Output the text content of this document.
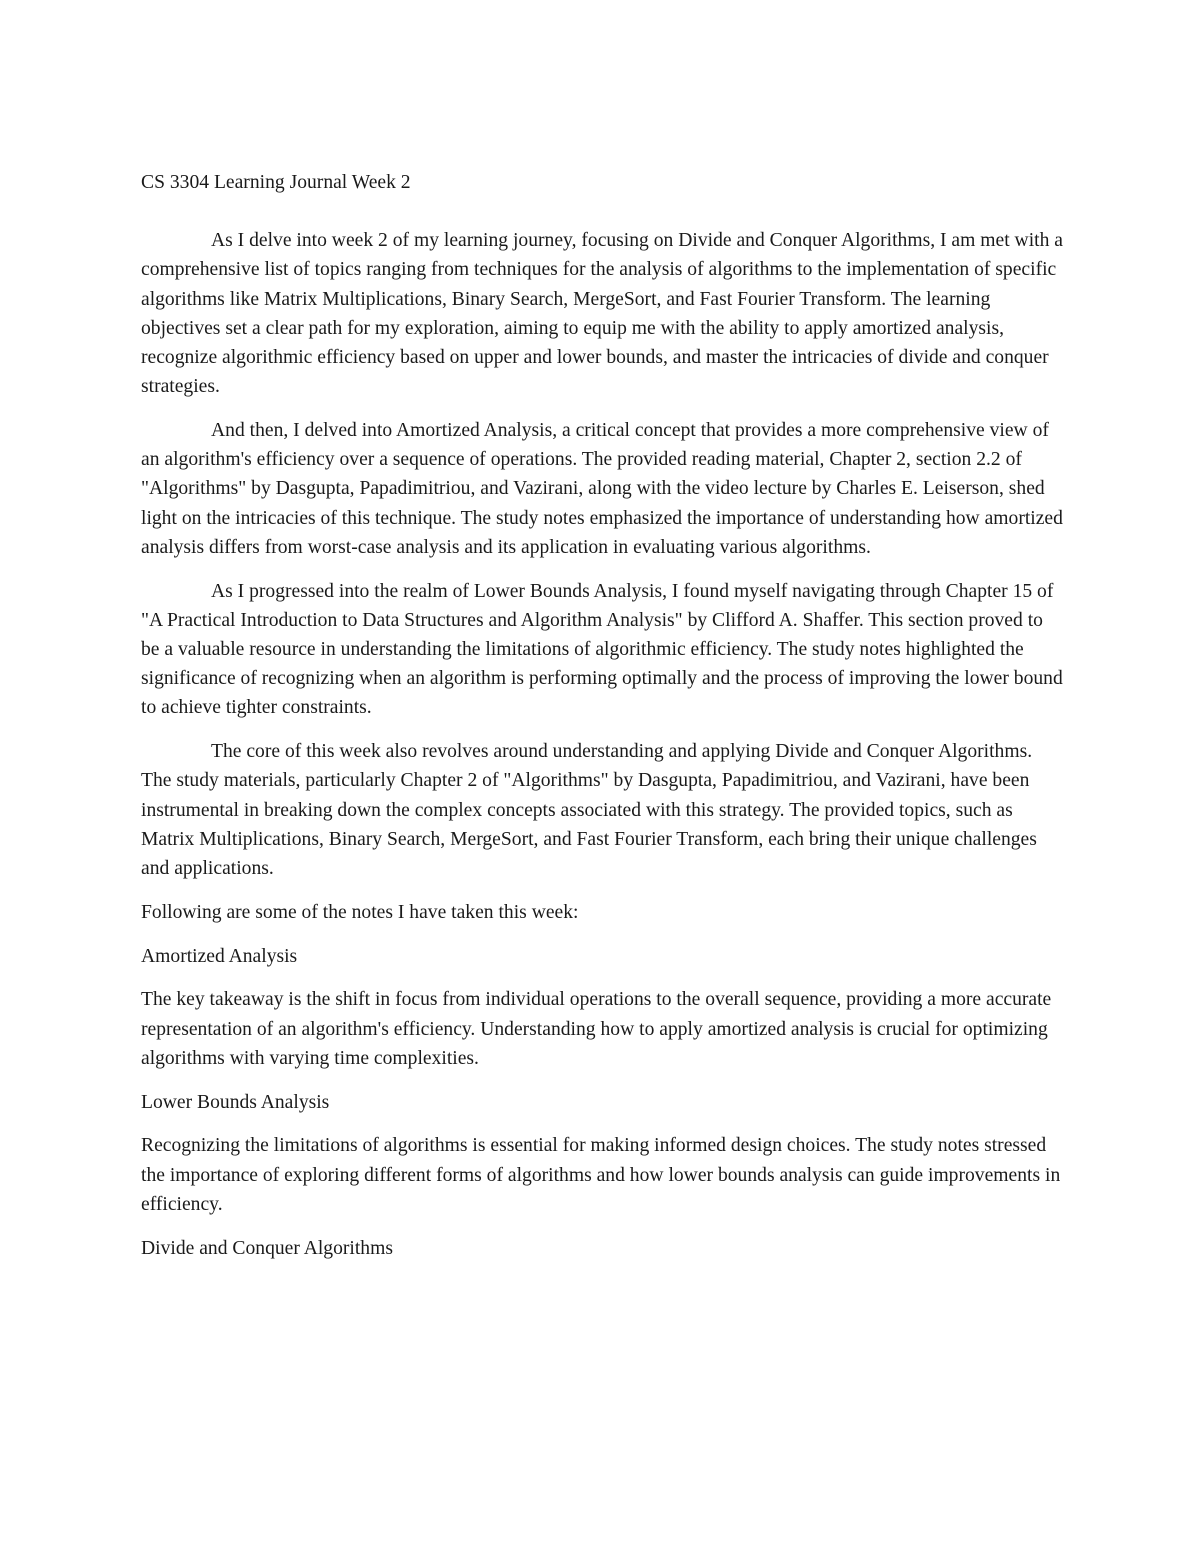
CS 3304 Learning Journal Week 2

As I delve into week 2 of my learning journey, focusing on Divide and Conquer Algorithms, I am met with a comprehensive list of topics ranging from techniques for the analysis of algorithms to the implementation of specific algorithms like Matrix Multiplications, Binary Search, MergeSort, and Fast Fourier Transform. The learning objectives set a clear path for my exploration, aiming to equip me with the ability to apply amortized analysis, recognize algorithmic efficiency based on upper and lower bounds, and master the intricacies of divide and conquer strategies.

And then, I delved into Amortized Analysis, a critical concept that provides a more comprehensive view of an algorithm's efficiency over a sequence of operations. The provided reading material, Chapter 2, section 2.2 of "Algorithms" by Dasgupta, Papadimitriou, and Vazirani, along with the video lecture by Charles E. Leiserson, shed light on the intricacies of this technique. The study notes emphasized the importance of understanding how amortized analysis differs from worst-case analysis and its application in evaluating various algorithms.

As I progressed into the realm of Lower Bounds Analysis, I found myself navigating through Chapter 15 of "A Practical Introduction to Data Structures and Algorithm Analysis" by Clifford A. Shaffer. This section proved to be a valuable resource in understanding the limitations of algorithmic efficiency. The study notes highlighted the significance of recognizing when an algorithm is performing optimally and the process of improving the lower bound to achieve tighter constraints.

The core of this week also revolves around understanding and applying Divide and Conquer Algorithms. The study materials, particularly Chapter 2 of "Algorithms" by Dasgupta, Papadimitriou, and Vazirani, have been instrumental in breaking down the complex concepts associated with this strategy. The provided topics, such as Matrix Multiplications, Binary Search, MergeSort, and Fast Fourier Transform, each bring their unique challenges and applications.

Following are some of the notes I have taken this week:

Amortized Analysis

The key takeaway is the shift in focus from individual operations to the overall sequence, providing a more accurate representation of an algorithm's efficiency. Understanding how to apply amortized analysis is crucial for optimizing algorithms with varying time complexities.

Lower Bounds Analysis

Recognizing the limitations of algorithms is essential for making informed design choices. The study notes stressed the importance of exploring different forms of algorithms and how lower bounds analysis can guide improvements in efficiency.

Divide and Conquer Algorithms
